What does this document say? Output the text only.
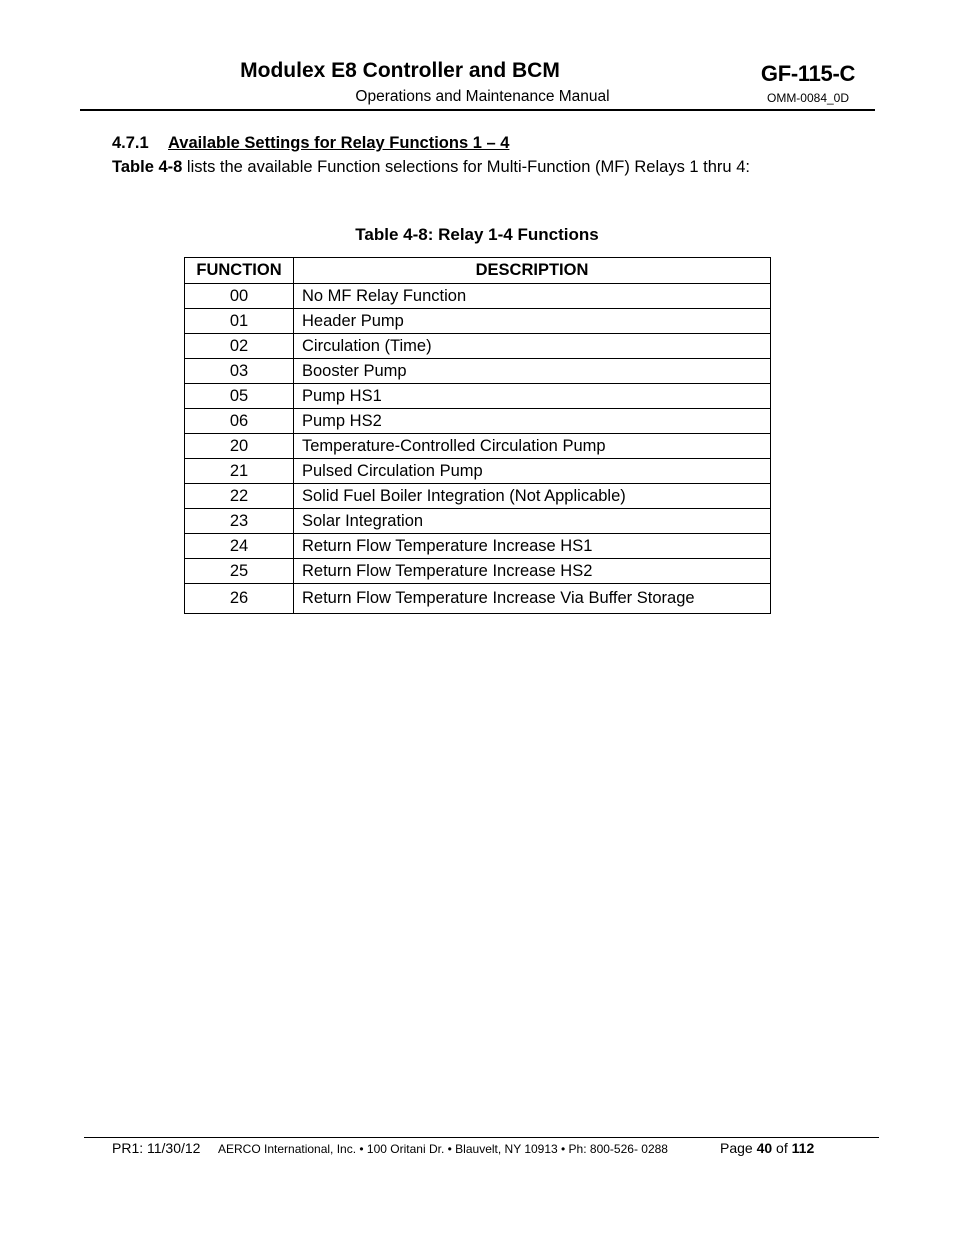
Modulex E8 Controller and BCM
Operations and Maintenance Manual
GF-115-C
OMM-0084_0D
4.7.1 Available Settings for Relay Functions 1 – 4
Table 4-8 lists the available Function selections for Multi-Function (MF) Relays 1 thru 4:
Table 4-8: Relay 1-4 Functions
FUNCTION	DESCRIPTION
00	No MF Relay Function
01	Header Pump
02	Circulation (Time)
03	Booster Pump
05	Pump HS1
06	Pump HS2
20	Temperature-Controlled Circulation Pump
21	Pulsed Circulation Pump
22	Solid Fuel Boiler Integration (Not Applicable)
23	Solar Integration
24	Return Flow Temperature Increase HS1
25	Return Flow Temperature Increase HS2
26	Return Flow Temperature Increase Via Buffer Storage
PR1: 11/30/12 AERCO International, Inc. • 100 Oritani Dr. • Blauvelt, NY 10913 • Ph: 800-526- 0288	Page 40 of 112
